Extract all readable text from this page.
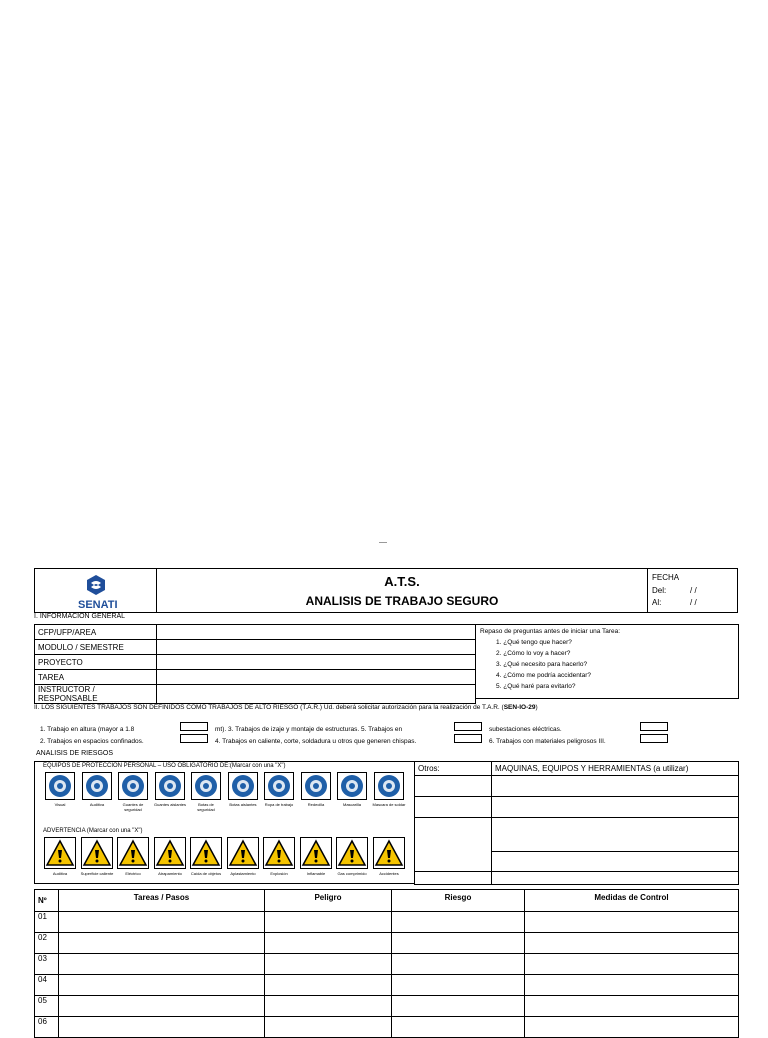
SENATI
A.T.S.
ANALISIS DE TRABAJO SEGURO
FECHA
Del:	/ /
Al:	/ /
I. INFORMACION GENERAL
CFP/UFP/AREA	
MODULO / SEMESTRE	
PROYECTO	
TAREA	
INSTRUCTOR / RESPONSABLE	
Repaso de preguntas antes de iniciar una Tarea:
1. ¿Qué tengo que hacer?
2. ¿Cómo lo voy a hacer?
3. ¿Qué necesito para hacerlo?
4. ¿Cómo me podría accidentar?
5. ¿Qué haré para evitarlo?
II. LOS SIGUIENTES TRABAJOS SON DEFINIDOS COMO TRABAJOS DE ALTO RIESGO (T.A.R.) Ud. deberá solicitar autorización para la realización de T.A.R. (SEN-IO-29)
1. Trabajo en altura (mayor a 1.8	mt). 3. Trabajos de izaje y montaje de estructuras. 5. Trabajos en	subestaciones eléctricas.
2. Trabajos en espacios confinados.	4. Trabajos en caliente, corte, soldadura u otros que generen chispas.	6. Trabajos con materiales peligrosos III.
ANALISIS DE RIESGOS
EQUIPOS DE PROTECCION PERSONAL – USO OBLIGATORIO DE:(Marcar con una "X")
ADVERTENCIA (Marcar con una "X")
Visual	Auditiva	Guantes de seguridad
Guantes aislantes	Botas de seguridad
Botas aislantes	Ropa de trabajo	Redecilla	Mascarilla	Mascara de soldar
Auditiva	Superficie caliente	Eléctrico	Atrapamiento	Caída de objetos	Aplastamiento	Explosión	Inflamable	Gas comprimido	Accidentes
Otros:	MAQUINAS, EQUIPOS Y HERRAMIENTAS (a utilizar)

Nº	Tareas / Pasos	Peligro	Riesgo	Medidas de Control
01				
02				
03				
04				
05				
06				
